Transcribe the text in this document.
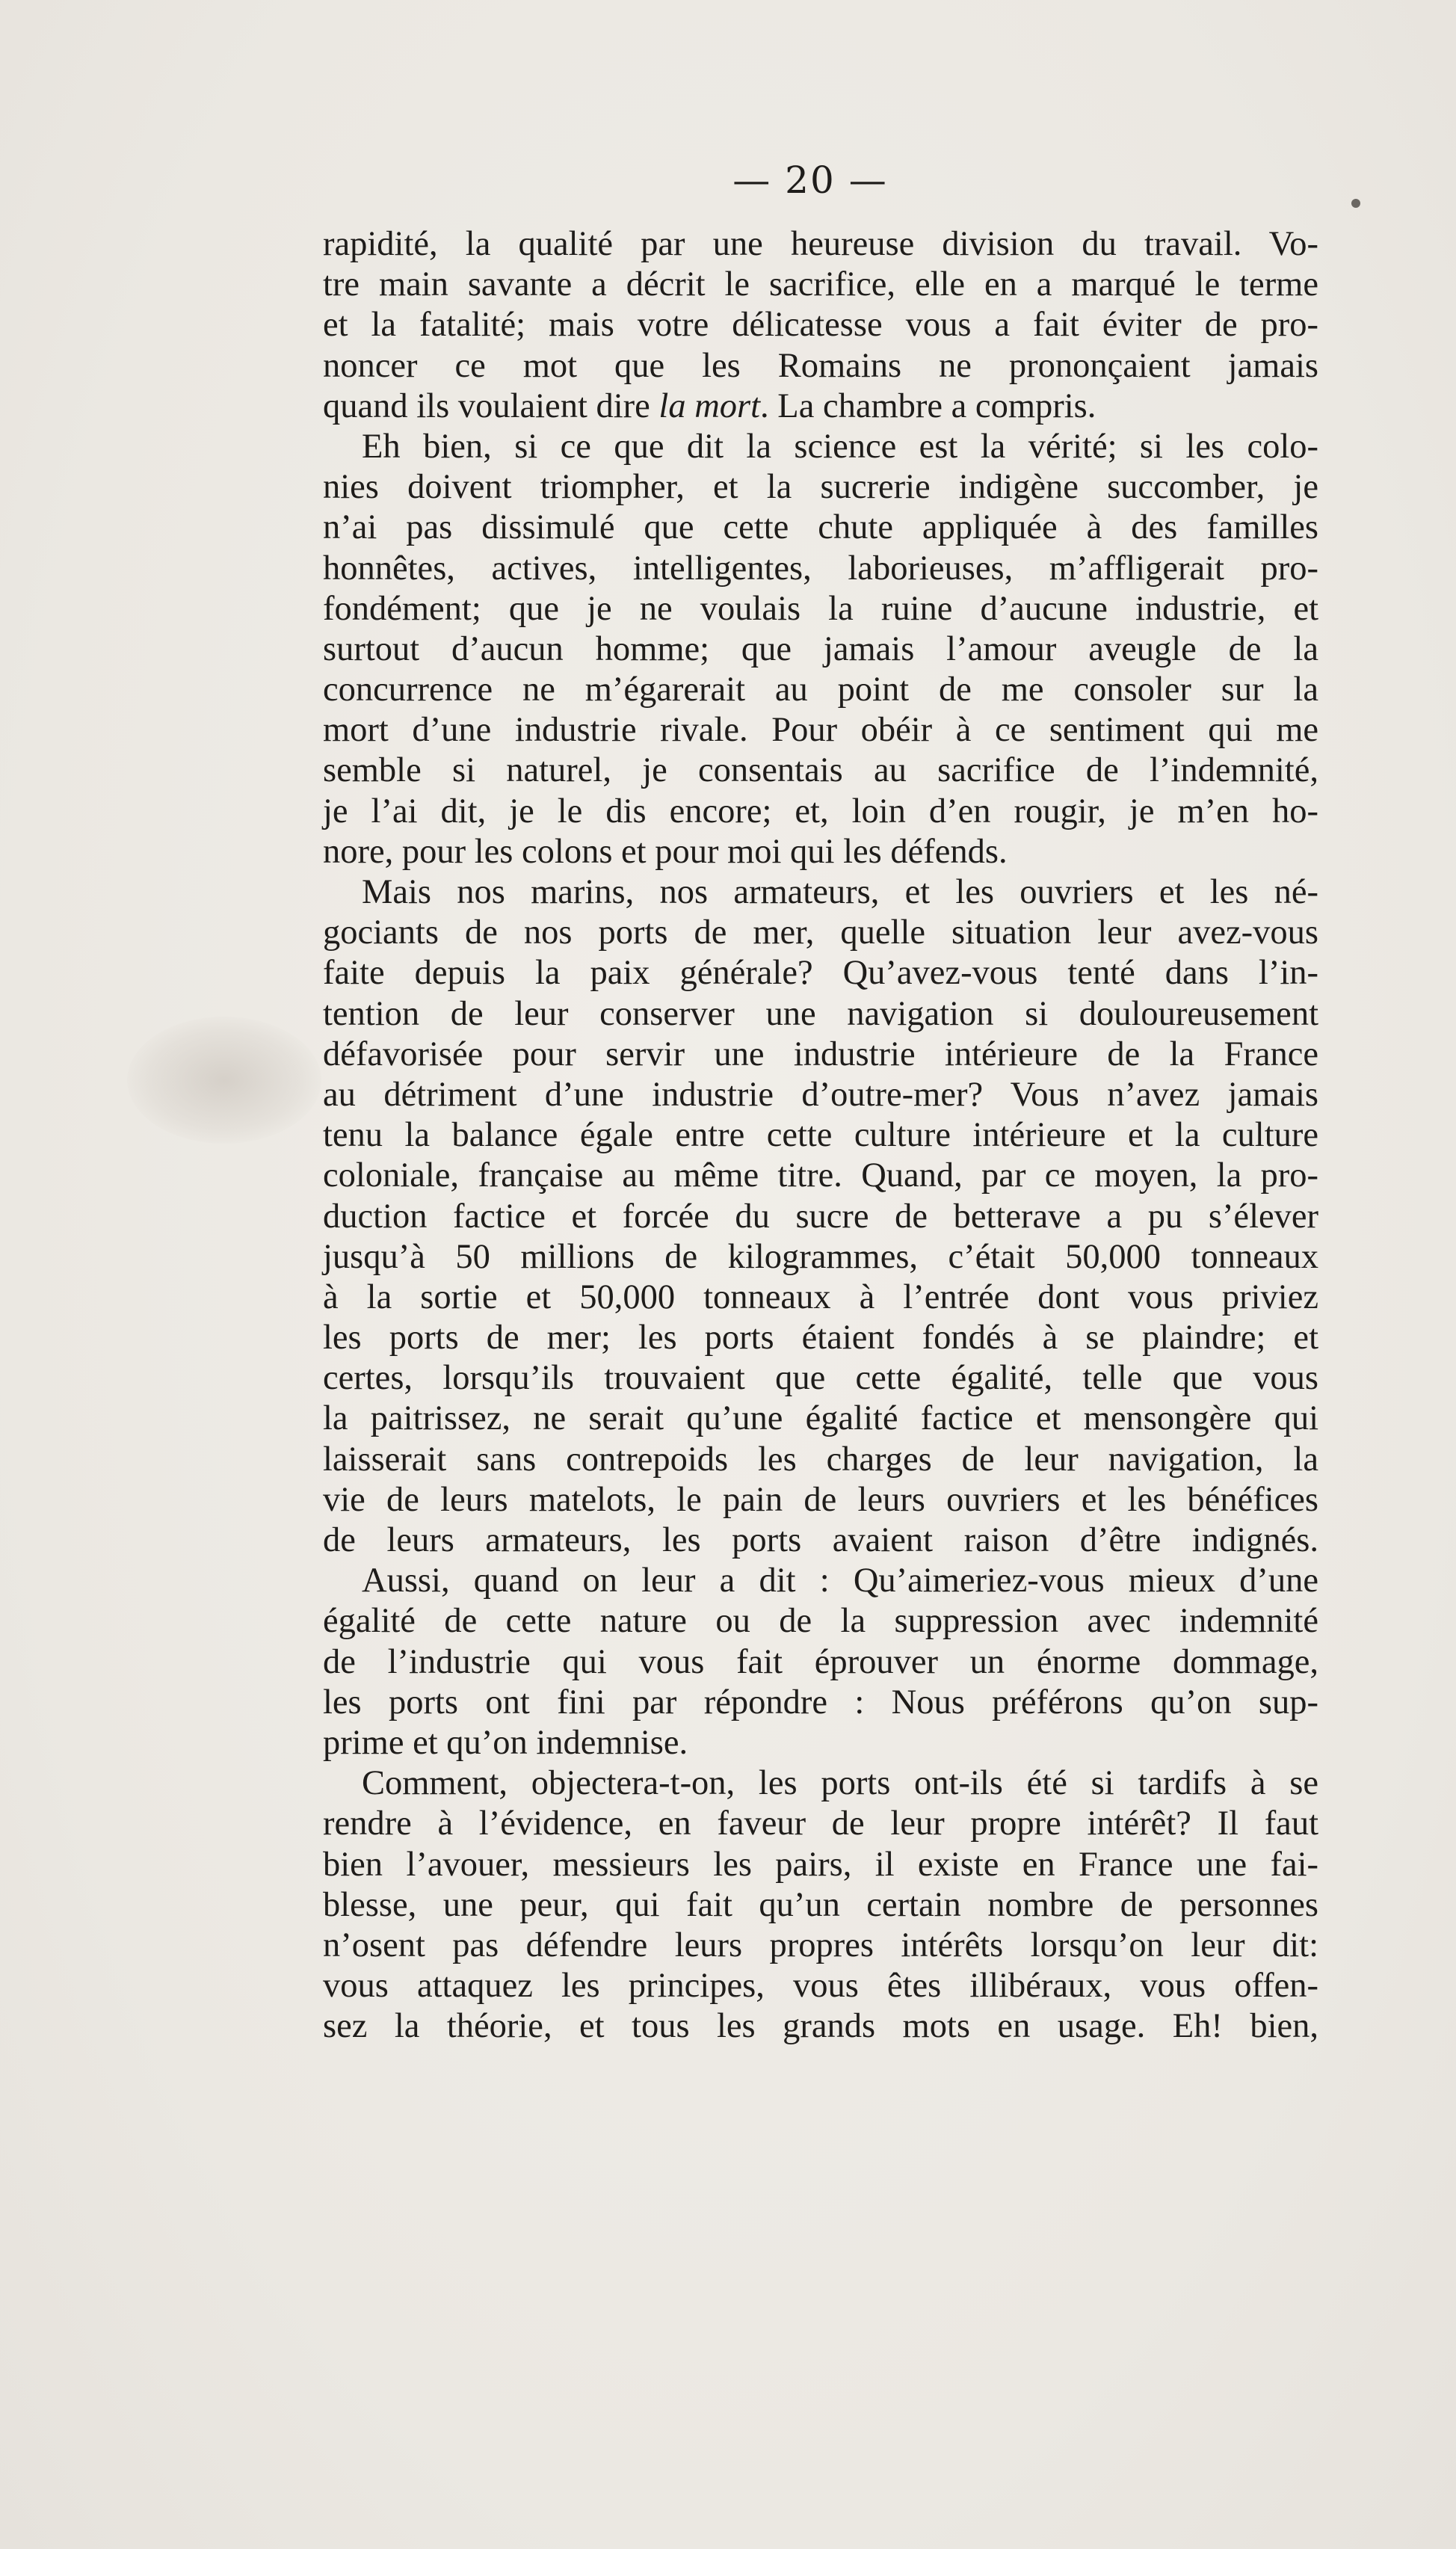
— 20 —
rapidité, la qualité par une heureuse division du travail. Vo-
tre main savante a décrit le sacrifice, elle en a marqué le terme
et la fatalité; mais votre délicatesse vous a fait éviter de pro-
noncer ce mot que les Romains ne prononçaient jamais
quand ils voulaient dire la mort. La chambre a compris.
Eh bien, si ce que dit la science est la vérité; si les colo-
nies doivent triompher, et la sucrerie indigène succomber, je
n’ai pas dissimulé que cette chute appliquée à des familles
honnêtes, actives, intelligentes, laborieuses, m’affligerait pro-
fondément; que je ne voulais la ruine d’aucune industrie, et
surtout d’aucun homme; que jamais l’amour aveugle de la
concurrence ne m’égarerait au point de me consoler sur la
mort d’une industrie rivale. Pour obéir à ce sentiment qui me
semble si naturel, je consentais au sacrifice de l’indemnité,
je l’ai dit, je le dis encore; et, loin d’en rougir, je m’en ho-
nore, pour les colons et pour moi qui les défends.
Mais nos marins, nos armateurs, et les ouvriers et les né-
gociants de nos ports de mer, quelle situation leur avez-vous
faite depuis la paix générale? Qu’avez-vous tenté dans l’in-
tention de leur conserver une navigation si douloureusement
défavorisée pour servir une industrie intérieure de la France
au détriment d’une industrie d’outre-mer? Vous n’avez jamais
tenu la balance égale entre cette culture intérieure et la culture
coloniale, française au même titre. Quand, par ce moyen, la pro-
duction factice et forcée du sucre de betterave a pu s’élever
jusqu’à 50 millions de kilogrammes, c’était 50,000 tonneaux
à la sortie et 50,000 tonneaux à l’entrée dont vous priviez
les ports de mer; les ports étaient fondés à se plaindre; et
certes, lorsqu’ils trouvaient que cette égalité, telle que vous
la paitrissez, ne serait qu’une égalité factice et mensongère qui
laisserait sans contrepoids les charges de leur navigation, la
vie de leurs matelots, le pain de leurs ouvriers et les bénéfices
de leurs armateurs, les ports avaient raison d’être indignés.
Aussi, quand on leur a dit : Qu’aimeriez-vous mieux d’une
égalité de cette nature ou de la suppression avec indemnité
de l’industrie qui vous fait éprouver un énorme dommage,
les ports ont fini par répondre : Nous préférons qu’on sup-
prime et qu’on indemnise.
Comment, objectera-t-on, les ports ont-ils été si tardifs à se
rendre à l’évidence, en faveur de leur propre intérêt? Il faut
bien l’avouer, messieurs les pairs, il existe en France une fai-
blesse, une peur, qui fait qu’un certain nombre de personnes
n’osent pas défendre leurs propres intérêts lorsqu’on leur dit:
vous attaquez les principes, vous êtes illibéraux, vous offen-
sez la théorie, et tous les grands mots en usage. Eh! bien,
